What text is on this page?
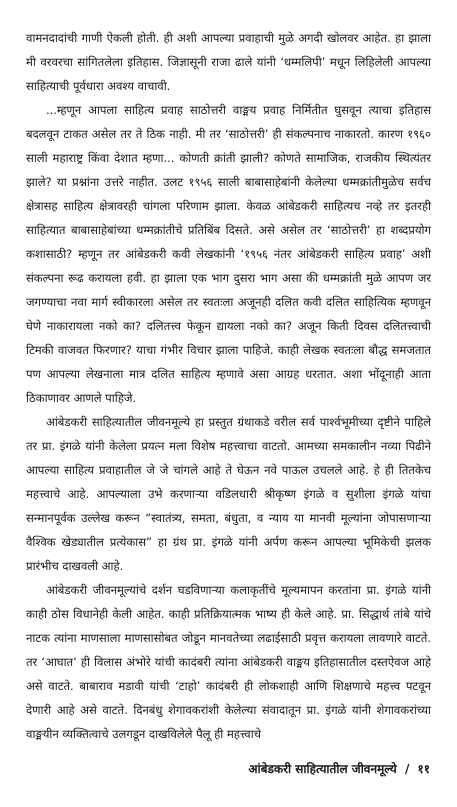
वामनदादांची गाणी ऐकली होती. ही अशी आपल्या प्रवाहाची मुळे अगदी खोलवर आहेत. हा झाला मी वरवरचा सांगितलेला इतिहास. जिज्ञासूनी राजा ढाले यांनी ‘धम्मलिपी’ मधून लिहिलेली आपल्या साहित्याची पूर्वधारा अवश्य वाचावी.

...म्हणून आपला साहित्य प्रवाह साठोत्तरी वाङ्मय प्रवाह निर्मितीत घुसवून त्याचा इतिहास बदलवून टाकत असेल तर ते ठिक नाही. मी तर ‘साठोत्तरी’ ही संकल्पनाच नाकारतो. कारण १९६० साली महाराष्ट्र किंवा देशात म्हणा... कोणती क्रांती झाली? कोणते सामाजिक, राजकीय स्थित्यंतर झाले? या प्रश्नांना उत्तरे नाहीत. उलट १९५६ साली बाबासाहेबांनी केलेल्या धम्मक्रांतीमुळेच सर्वच क्षेत्रासह साहित्य क्षेत्रावरही चांगला परिणाम झाला. केवळ आंबेडकरी साहित्यच नव्हे तर इतरही साहित्यात बाबासाहेबांच्या धम्मक्रांतीचे प्रतिबिंब दिसते. असे असेल तर ‘साठोत्तरी’ हा शब्दप्रयोग कशासाठी? म्हणून तर आंबेडकरी कवी लेखकांनी ‘१९५६ नंतर आंबेडकरी साहित्य प्रवाह’ अशी संकल्पना रूढ करायला हवी. हा झाला एक भाग दुसरा भाग असा की धम्मक्रांती मुळे आपण जर जगण्याचा नवा मार्ग स्वीकारला असेल तर स्वतःला अजूनही दलित कवी दलित साहित्यिक म्हणवून घेणे नाकारायला नको का? दलितत्त्व फेकून द्यायला नको का? अजून किती दिवस दलितत्त्वाची टिमकी वाजवत फिरणार? याचा गंभीर विचार झाला पाहिजे. काही लेखक स्वतःला बौद्ध समजतात पण आपल्या लेखनाला मात्र दलित साहित्य म्हणावे असा आग्रह धरतात. अशा भोंदूनाही आता ठिकाणावर आणले पाहिजे.

आंबेडकरी साहित्यातील जीवनमूल्ये हा प्रस्तुत ग्रंथाकडे वरील सर्व पार्श्वभूमीच्या दृष्टीने पाहिले तर प्रा. इंगळे यांनी केलेला प्रयत्न मला विशेष महत्त्वाचा वाटतो. आमच्या समकालीन नव्या पिढीने आपल्या साहित्य प्रवाहातील जे जे चांगले आहे ते घेऊन नवे पाऊल उचलले आहे. हे ही तितकेच महत्त्वाचे आहे. आपल्याला उभे करणाऱ्या वडिलधारी श्रीकृष्ण इंगळे व सुशीला इंगळे यांचा सन्मानपूर्वक उल्लेख करून “स्वातंत्र्य, समता, बंधुता, व न्याय या मानवी मूल्यांना जोपासणाऱ्या वैश्विक खेड्यातील प्रत्येकास” हा ग्रंथ प्रा. इंगळे यांनी अर्पण करून आपल्या भूमिकेची झलक प्रारंभीच दाखवली आहे.

आंबेडकरी जीवनमूल्यांचे दर्शन घडविणाऱ्या कलाकृतींचे मूल्यमापन करतांना प्रा. इंगळे यांनी काही ठोस विधानेही केली आहेत. काही प्रतिक्रियात्मक भाष्य ही केले आहे. प्रा. सिद्धार्थ तांबे यांचे नाटक त्यांना माणसाला माणसासोबत जोडून मानवतेच्या लढाईसाठी प्रवृत्त करायला लावणारे वाटते. तर ‘आघात’ ही विलास अंभोरे यांची कादंबरी त्यांना आंबेडकरी वाङ्मय इतिहासातील दस्तऐवज आहे असे वाटते. बाबाराव मडावी यांची ‘टाहो’ कादंबरी ही लोकशाही आणि शिक्षणाचे महत्त्व पटवून देणारी आहे असे वाटते. दिनबंधु शेगावकरांशी केलेल्या संवादातून प्रा. इंगळे यांनी शेगावकरांच्या वाङ्मयीन व्यक्तित्वाचे उलगडून दाखविलेले पैलू ही महत्त्वाचे

आंबेडकरी साहित्यातील जीवनमूल्ये / ११
